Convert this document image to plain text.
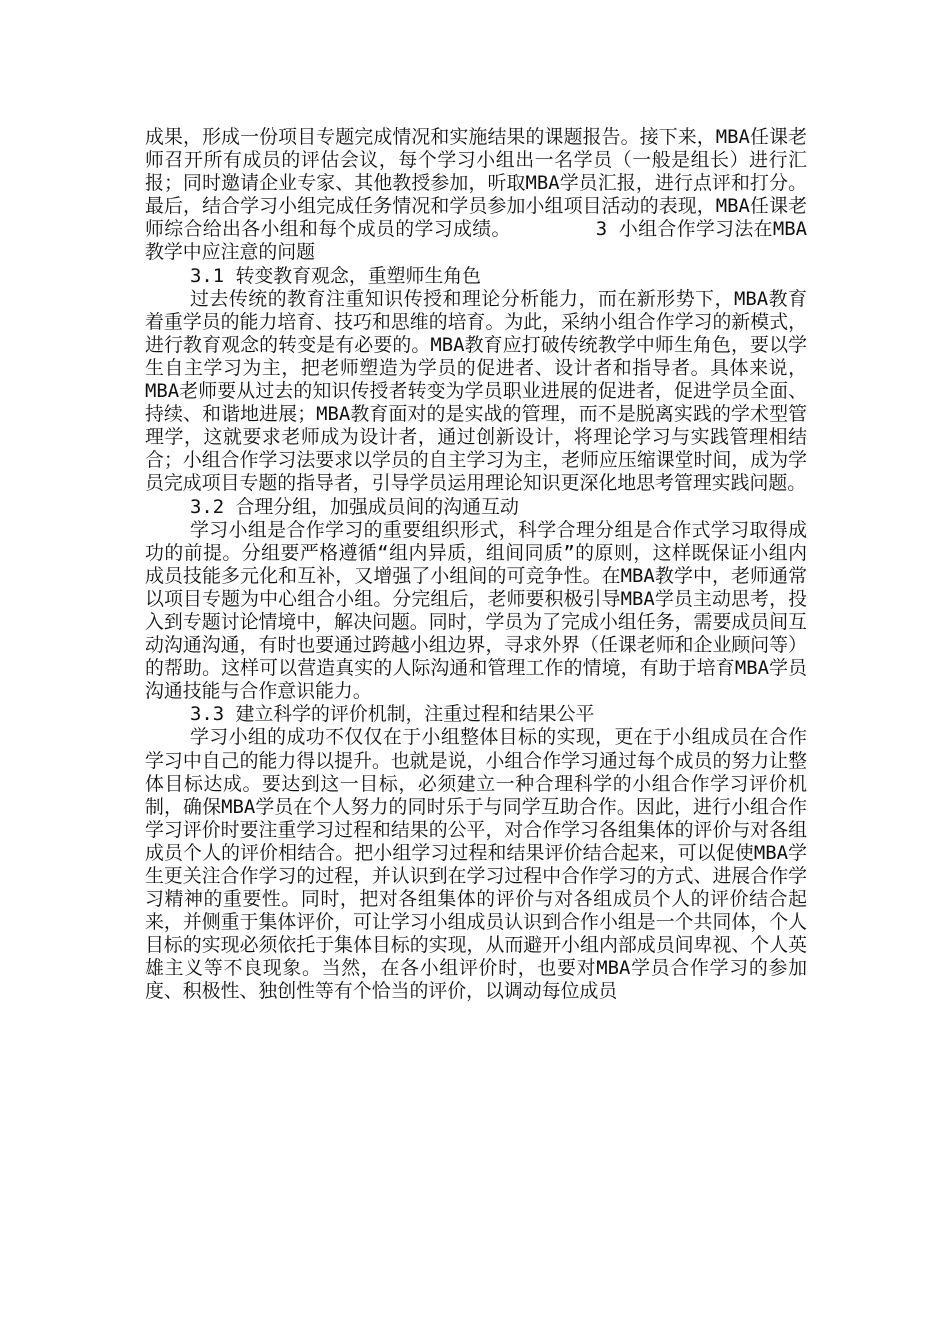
成果，形成一份项目专题完成情况和实施结果的课题报告。接下来，MBA任课老师召开所有成员的评估会议，每个学习小组出一名学员（一般是组长）进行汇报；同时邀请企业专家、其他教授参加，听取MBA学员汇报，进行点评和打分。最后，结合学习小组完成任务情况和学员参加小组项目活动的表现，MBA任课老师综合给出各小组和每个成员的学习成绩。	3 小组合作学习法在MBA教学中应注意的问题

3.1 转变教育观念，重塑师生角色

过去传统的教育注重知识传授和理论分析能力，而在新形势下，MBA教育着重学员的能力培育、技巧和思维的培育。为此，采纳小组合作学习的新模式，进行教育观念的转变是有必要的。MBA教育应打破传统教学中师生角色，要以学生自主学习为主，把老师塑造为学员的促进者、设计者和指导者。具体来说，MBA老师要从过去的知识传授者转变为学员职业进展的促进者，促进学员全面、持续、和谐地进展；MBA教育面对的是实战的管理，而不是脱离实践的学术型管理学，这就要求老师成为设计者，通过创新设计，将理论学习与实践管理相结合；小组合作学习法要求以学员的自主学习为主，老师应压缩课堂时间，成为学员完成项目专题的指导者，引导学员运用理论知识更深化地思考管理实践问题。

3.2 合理分组，加强成员间的沟通互动

学习小组是合作学习的重要组织形式，科学合理分组是合作式学习取得成功的前提。分组要严格遵循“组内异质，组间同质”的原则，这样既保证小组内成员技能多元化和互补，又增强了小组间的可竞争性。在MBA教学中，老师通常以项目专题为中心组合小组。分完组后，老师要积极引导MBA学员主动思考，投入到专题讨论情境中，解决问题。同时，学员为了完成小组任务，需要成员间互动沟通沟通，有时也要通过跨越小组边界，寻求外界（任课老师和企业顾问等）的帮助。这样可以营造真实的人际沟通和管理工作的情境，有助于培育MBA学员沟通技能与合作意识能力。

3.3 建立科学的评价机制，注重过程和结果公平

学习小组的成功不仅仅在于小组整体目标的实现，更在于小组成员在合作学习中自己的能力得以提升。也就是说，小组合作学习通过每个成员的努力让整体目标达成。要达到这一目标，必须建立一种合理科学的小组合作学习评价机制，确保MBA学员在个人努力的同时乐于与同学互助合作。因此，进行小组合作学习评价时要注重学习过程和结果的公平，对合作学习各组集体的评价与对各组成员个人的评价相结合。把小组学习过程和结果评价结合起来，可以促使MBA学生更关注合作学习的过程，并认识到在学习过程中合作学习的方式、进展合作学习精神的重要性。同时，把对各组集体的评价与对各组成员个人的评价结合起来，并侧重于集体评价，可让学习小组成员认识到合作小组是一个共同体，个人目标的实现必须依托于集体目标的实现，从而避开小组内部成员间卑视、个人英雄主义等不良现象。当然，在各小组评价时，也要对MBA学员合作学习的参加度、积极性、独创性等有个恰当的评价，以调动每位成员
